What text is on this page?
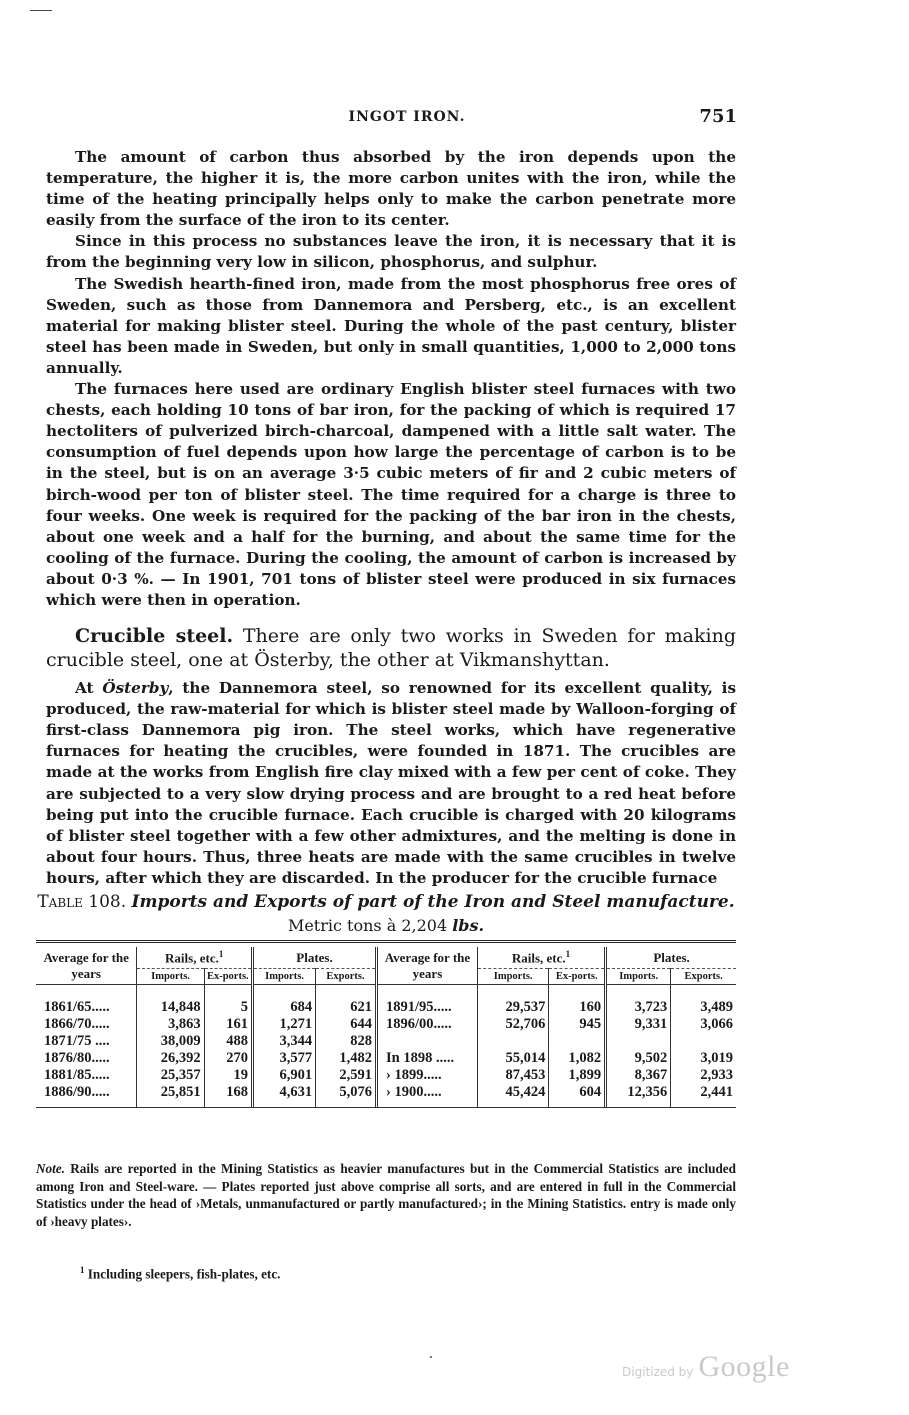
INGOT IRON.	751

The amount of carbon thus absorbed by the iron depends upon the temperature, the higher it is, the more carbon unites with the iron, while the time of the heating principally helps only to make the carbon penetrate more easily from the surface of the iron to its center.

Since in this process no substances leave the iron, it is necessary that it is from the beginning very low in silicon, phosphorus, and sulphur.

The Swedish hearth-fined iron, made from the most phosphorus free ores of Sweden, such as those from Dannemora and Persberg, etc., is an excellent material for making blister steel. During the whole of the past century, blister steel has been made in Sweden, but only in small quantities, 1,000 to 2,000 tons annually.

The furnaces here used are ordinary English blister steel furnaces with two chests, each holding 10 tons of bar iron, for the packing of which is required 17 hectoliters of pulverized birch-charcoal, dampened with a little salt water. The consumption of fuel depends upon how large the percentage of carbon is to be in the steel, but is on an average 3·5 cubic meters of fir and 2 cubic meters of birch-wood per ton of blister steel. The time required for a charge is three to four weeks. One week is required for the packing of the bar iron in the chests, about one week and a half for the burning, and about the same time for the cooling of the furnace. During the cooling, the amount of carbon is increased by about 0·3 %. — In 1901, 701 tons of blister steel were produced in six furnaces which were then in operation.

Crucible steel. There are only two works in Sweden for making crucible steel, one at Österby, the other at Vikmanshyttan.

At Österby, the Dannemora steel, so renowned for its excellent quality, is produced, the raw-material for which is blister steel made by Walloon-forging of first-class Dannemora pig iron. The steel works, which have regenerative furnaces for heating the crucibles, were founded in 1871. The crucibles are made at the works from English fire clay mixed with a few per cent of coke. They are subjected to a very slow drying process and are brought to a red heat before being put into the crucible furnace. Each crucible is charged with 20 kilograms of blister steel together with a few other admixtures, and the melting is done in about four hours. Thus, three heats are made with the same crucibles in twelve hours, after which they are discarded. In the producer for the crucible furnace

Table 108. Imports and Exports of part of the Iron and Steel manufacture.
Metric tons à 2,204 lbs.
Average for the years	Rails, etc.$^1$		Plates.		Average for the years	Rails, etc.$^1$		Plates.	
	Imports.	Ex-ports.	Imports.	Exports.		Imports.	Ex-ports.	Imports.	Exports.

1861/65.....	14,848	5	684	621	1891/95.....	29,537	160	3,723	3,489
1866/70.....	3,863	161	1,271	644	1896/00.....	52,706	945	9,331	3,066
1871/75 ....	38,009	488	3,344	828					
1876/80.....	26,392	270	3,577	1,482	In 1898 .....	55,014	1,082	9,502	3,019
1881/85.....	25,357	19	6,901	2,591	› 1899.....	87,453	1,899	8,367	2,933
1886/90.....	25,851	168	4,631	5,076	› 1900.....	45,424	604	12,356	2,441

Note. Rails are reported in the Mining Statistics as heavier manufactures but in the Commercial Statistics are included among Iron and Steel-ware. — Plates reported just above comprise all sorts, and are entered in full in the Commercial Statistics under the head of ›Metals, unmanufactured or partly manufactured›; in the Mining Statistics. entry is made only of ›heavy plates›.
$^1$ Including sleepers, fish-plates, etc.
Digitized by Google
